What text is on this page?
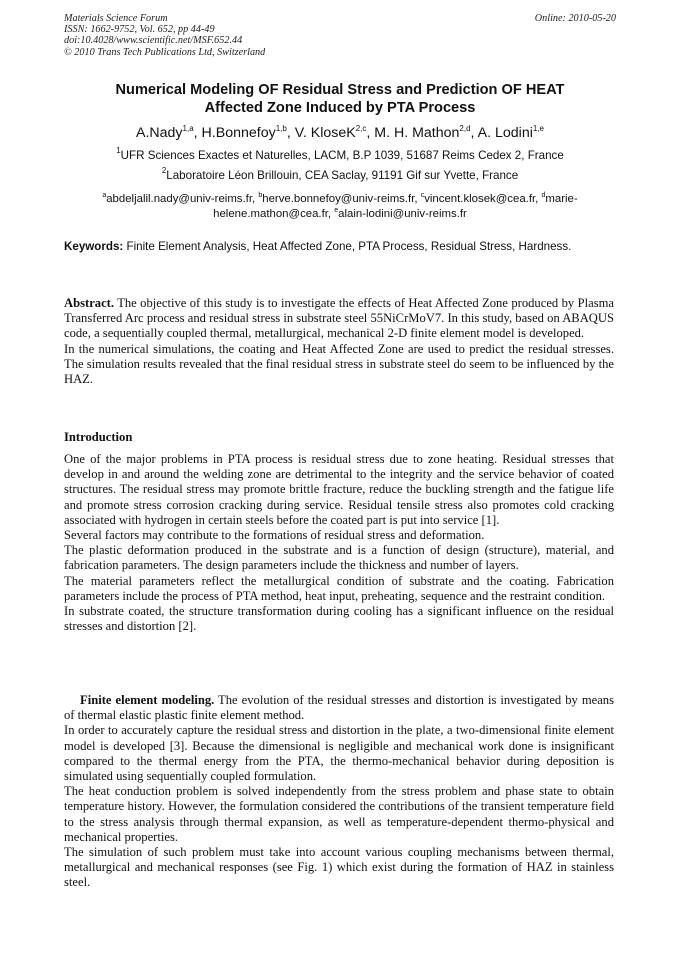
Materials Science Forum
ISSN: 1662-9752, Vol. 652, pp 44-49
doi:10.4028/www.scientific.net/MSF.652.44
© 2010 Trans Tech Publications Ltd, Switzerland
Online: 2010-05-20
Numerical Modeling OF Residual Stress and Prediction OF HEAT
Affected Zone Induced by PTA Process
A.Nady$^{1,a}$, H.Bonnefoy$^{1,b}$, V. KloseK$^{2,c}$, M. H. Mathon$^{2,d}$, A. Lodini$^{1,e}$
$^1$UFR Sciences Exactes et Naturelles, LACM, B.P 1039, 51687 Reims Cedex 2, France
$^2$Laboratoire Léon Brillouin, CEA Saclay, 91191 Gif sur Yvette, France
$^a$abdeljalil.nady@univ-reims.fr, $^b$herve.bonnefoy@univ-reims.fr, $^c$vincent.klosek@cea.fr, $^d$marie-helene.mathon@cea.fr, $^e$alain-lodini@univ-reims.fr
Keywords: Finite Element Analysis, Heat Affected Zone, PTA Process, Residual Stress, Hardness.

Abstract. The objective of this study is to investigate the effects of Heat Affected Zone produced by Plasma Transferred Arc process and residual stress in substrate steel 55NiCrMoV7. In this study, based on ABAQUS code, a sequentially coupled thermal, metallurgical, mechanical 2-D finite element model is developed.

In the numerical simulations, the coating and Heat Affected Zone are used to predict the residual stresses. The simulation results revealed that the final residual stress in substrate steel do seem to be influenced by the HAZ.

Introduction

One of the major problems in PTA process is residual stress due to zone heating. Residual stresses that develop in and around the welding zone are detrimental to the integrity and the service behavior of coated structures. The residual stress may promote brittle fracture, reduce the buckling strength and the fatigue life and promote stress corrosion cracking during service. Residual tensile stress also promotes cold cracking associated with hydrogen in certain steels before the coated part is put into service [1].

Several factors may contribute to the formations of residual stress and deformation.

The plastic deformation produced in the substrate and is a function of design (structure), material, and fabrication parameters. The design parameters include the thickness and number of layers.

The material parameters reflect the metallurgical condition of substrate and the coating. Fabrication parameters include the process of PTA method, heat input, preheating, sequence and the restraint condition.

In substrate coated, the structure transformation during cooling has a significant influence on the residual stresses and distortion [2].

Finite element modeling. The evolution of the residual stresses and distortion is investigated by means of thermal elastic plastic finite element method.

In order to accurately capture the residual stress and distortion in the plate, a two-dimensional finite element model is developed [3]. Because the dimensional is negligible and mechanical work done is insignificant compared to the thermal energy from the PTA, the thermo-mechanical behavior during deposition is simulated using sequentially coupled formulation.

The heat conduction problem is solved independently from the stress problem and phase state to obtain temperature history. However, the formulation considered the contributions of the transient temperature field to the stress analysis through thermal expansion, as well as temperature-dependent thermo-physical and mechanical properties.

The simulation of such problem must take into account various coupling mechanisms between thermal, metallurgical and mechanical responses (see Fig. 1) which exist during the formation of HAZ in stainless steel.
